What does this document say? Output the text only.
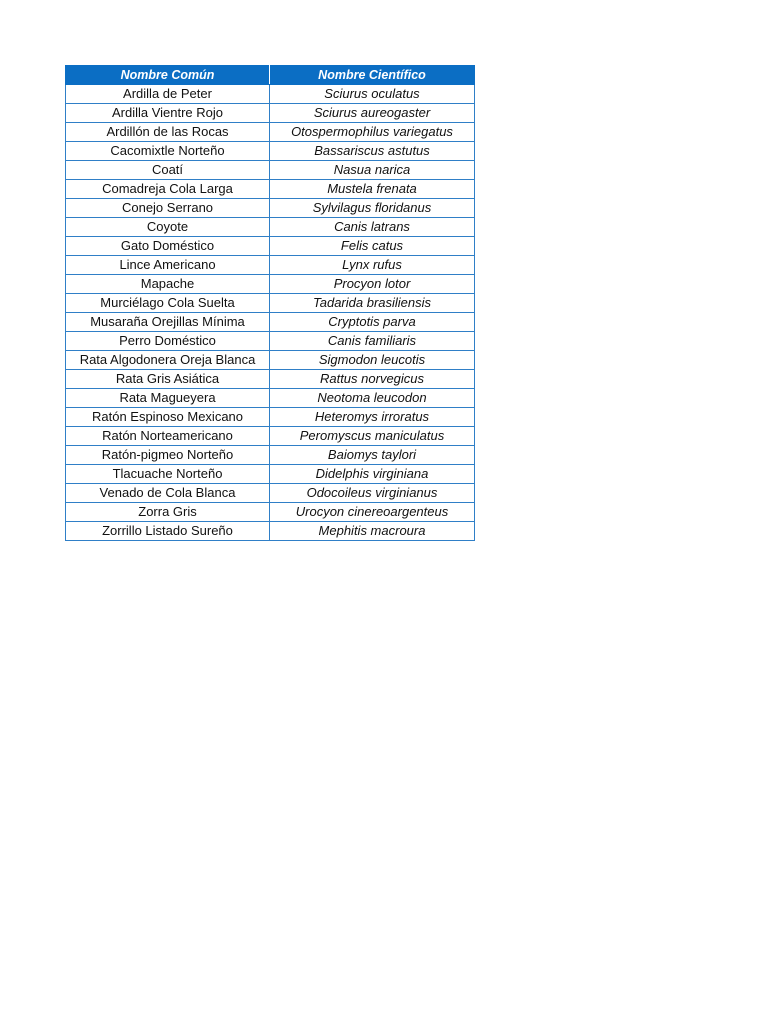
Nombre Común	Nombre Científico
Ardilla de Peter	Sciurus oculatus
Ardilla Vientre Rojo	Sciurus aureogaster
Ardillón de las Rocas	Otospermophilus variegatus
Cacomixtle Norteño	Bassariscus astutus
Coatí	Nasua narica
Comadreja Cola Larga	Mustela frenata
Conejo Serrano	Sylvilagus floridanus
Coyote	Canis latrans
Gato Doméstico	Felis catus
Lince Americano	Lynx rufus
Mapache	Procyon lotor
Murciélago Cola Suelta	Tadarida brasiliensis
Musaraña Orejillas Mínima	Cryptotis parva
Perro Doméstico	Canis familiaris
Rata Algodonera Oreja Blanca	Sigmodon leucotis
Rata Gris Asiática	Rattus norvegicus
Rata Magueyera	Neotoma leucodon
Ratón Espinoso Mexicano	Heteromys irroratus
Ratón Norteamericano	Peromyscus maniculatus
Ratón-pigmeo Norteño	Baiomys taylori
Tlacuache Norteño	Didelphis virginiana
Venado de Cola Blanca	Odocoileus virginianus
Zorra Gris	Urocyon cinereoargenteus
Zorrillo Listado Sureño	Mephitis macroura
